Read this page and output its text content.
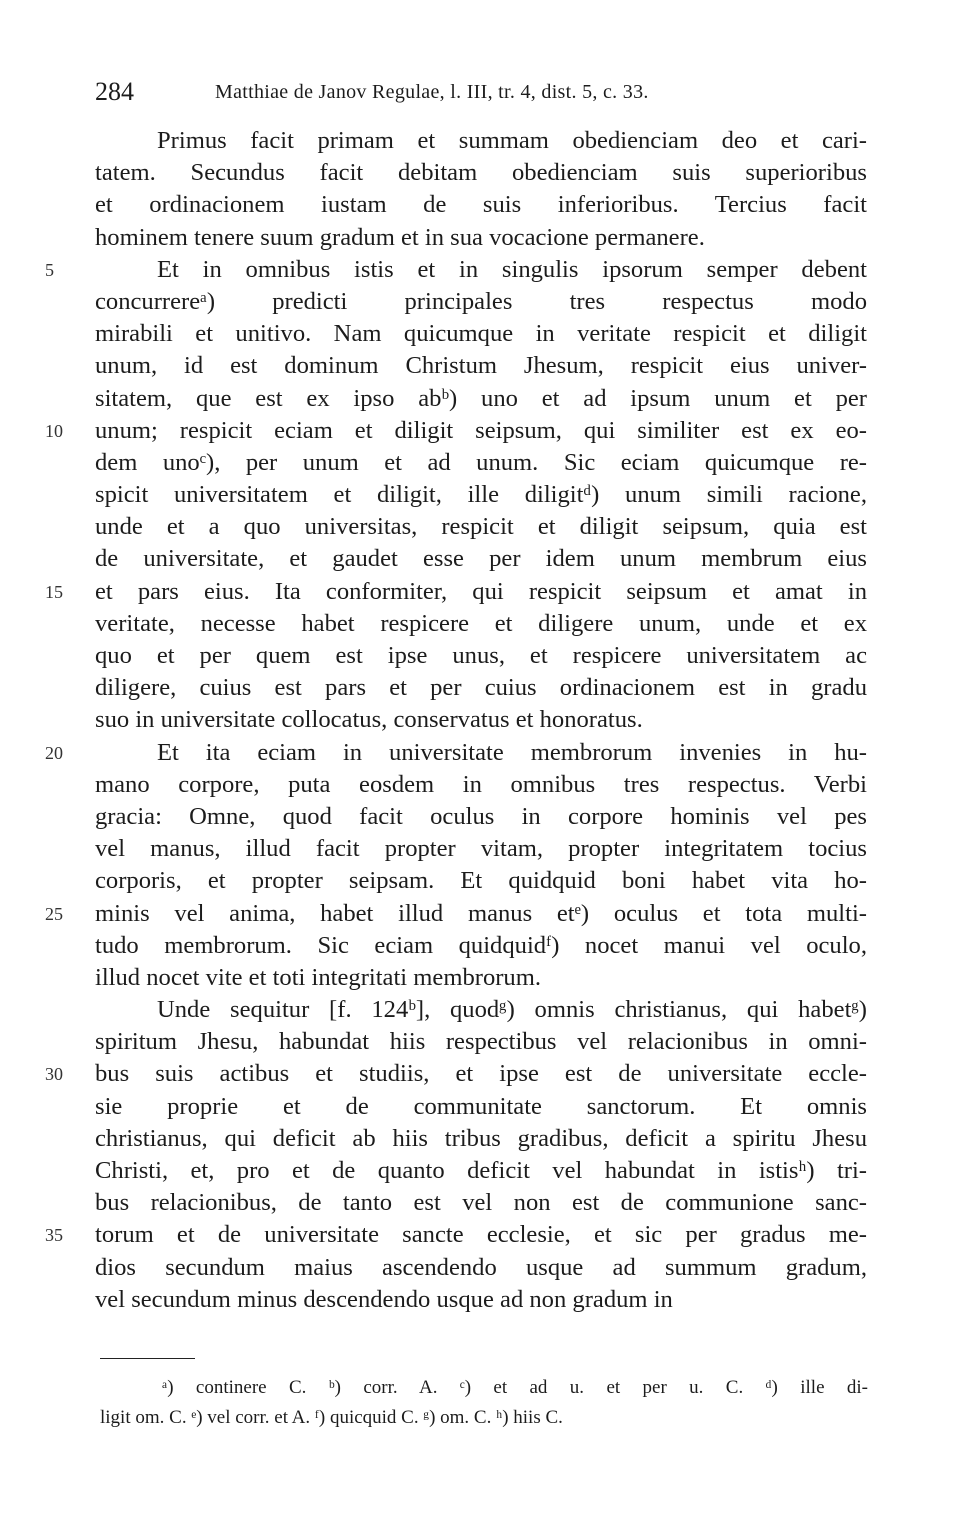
284	Matthiae de Janov Regulae, l. III, tr. 4, dist. 5, c. 33.
Primus facit primam et summam obedienciam deo et cari-
tatem. Secundus facit debitam obedienciam suis superioribus
et ordinacionem iustam de suis inferioribus. Tercius facit
hominem tenere suum gradum et in sua vocacione permanere.
5	Et in omnibus istis et in singulis ipsorum semper debent
concurrereᵃ) predicti principales tres respectus modo
mirabili et unitivo. Nam quicumque in veritate respicit et diligit
unum, id est dominum Christum Jhesum, respicit eius univer-
sitatem, que est ex ipso abᵇ) uno et ad ipsum unum et per
10	unum; respicit eciam et diligit seipsum, qui similiter est ex eo-
dem unoᶜ), per unum et ad unum. Sic eciam quicumque re-
spicit universitatem et diligit, ille diligitᵈ) unum simili racione,
unde et a quo universitas, respicit et diligit seipsum, quia est
de universitate, et gaudet esse per idem unum membrum eius
15	et pars eius. Ita conformiter, qui respicit seipsum et amat in
veritate, necesse habet respicere et diligere unum, unde et ex
quo et per quem est ipse unus, et respicere universitatem ac
diligere, cuius est pars et per cuius ordinacionem est in gradu
suo in universitate collocatus, conservatus et honoratus.
20	Et ita eciam in universitate membrorum invenies in hu-
mano corpore, puta eosdem in omnibus tres respectus. Verbi
gracia: Omne, quod facit oculus in corpore hominis vel pes
vel manus, illud facit propter vitam, propter integritatem tocius
corporis, et propter seipsam. Et quidquid boni habet vita ho-
25	minis vel anima, habet illud manus etᵉ) oculus et tota multi-
tudo membrorum. Sic eciam quidquidᶠ) nocet manui vel oculo,
illud nocet vite et toti integritati membrorum.
Unde sequitur [f. 124ᵇ], quodᵍ) omnis christianus, qui habetᵍ)
spiritum Jhesu, habundat hiis respectibus vel relacionibus in omni-
30	bus suis actibus et studiis, et ipse est de universitate eccle-
sie proprie et de communitate sanctorum. Et omnis
christianus, qui deficit ab hiis tribus gradibus, deficit a spiritu Jhesu
Christi, et, pro et de quanto deficit vel habundat in istisʰ) tri-
bus relacionibus, de tanto est vel non est de communione sanc-
35	torum et de universitate sancte ecclesie, et sic per gradus me-
dios secundum maius ascendendo usque ad summum gradum,
vel secundum minus descendendo usque ad non gradum in
ᵃ) continere C. ᵇ) corr. A. ᶜ) et ad u. et per u. C. ᵈ) ille di-
ligit om. C. ᵉ) vel corr. et A. ᶠ) quicquid C. ᵍ) om. C. ʰ) hiis C.
